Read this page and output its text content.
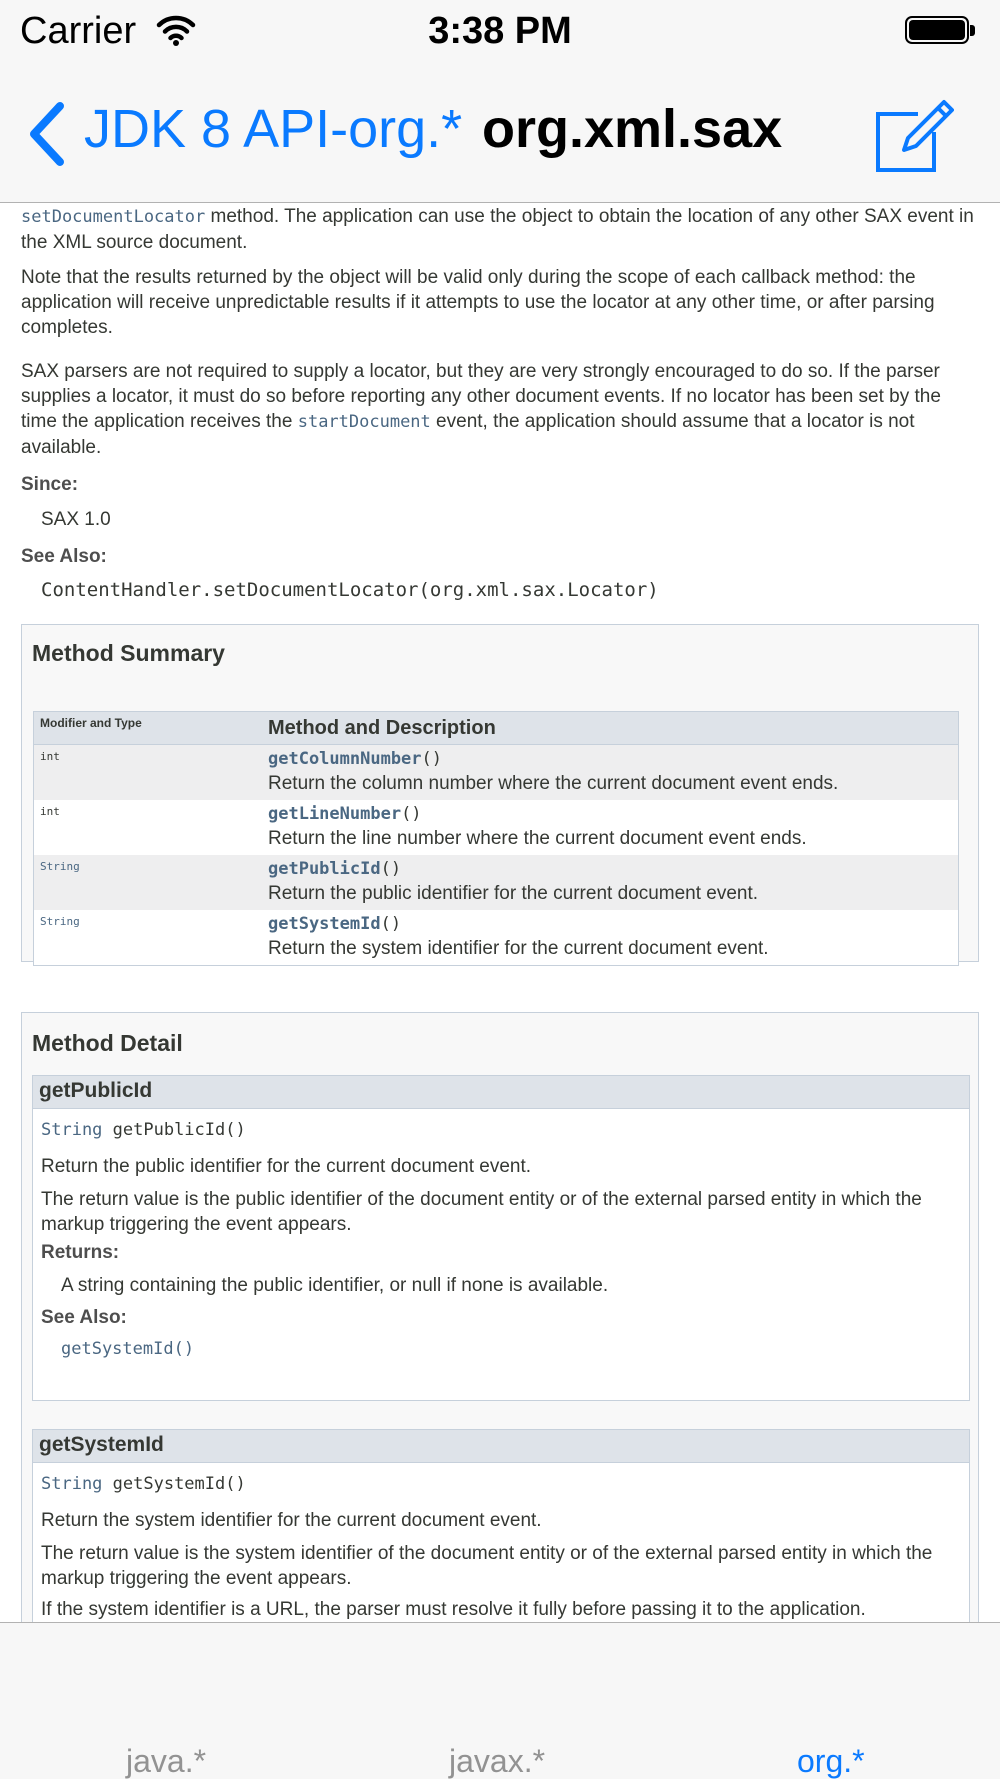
Carrier	3:38 PM
JDK 8 API-org.* org.xml.sax
setDocumentLocator method. The application can use the object to obtain the location of any other SAX event in the XML source document.
Note that the results returned by the object will be valid only during the scope of each callback method: the application will receive unpredictable results if it attempts to use the locator at any other time, or after parsing completes.
SAX parsers are not required to supply a locator, but they are very strongly encouraged to do so. If the parser supplies a locator, it must do so before reporting any other document events. If no locator has been set by the time the application receives the startDocument event, the application should assume that a locator is not available.
Since:
SAX 1.0
See Also:
ContentHandler.setDocumentLocator(org.xml.sax.Locator)
Method Summary
Modifier and Type	Method and Description
int	getColumnNumber()
Return the column number where the current document event ends.
int	getLineNumber()
Return the line number where the current document event ends.
String	getPublicId()
Return the public identifier for the current document event.
String	getSystemId()
Return the system identifier for the current document event.
Method Detail
getPublicId
String getPublicId()
Return the public identifier for the current document event.
The return value is the public identifier of the document entity or of the external parsed entity in which the markup triggering the event appears.
Returns:
A string containing the public identifier, or null if none is available.
See Also:
getSystemId()
getSystemId
String getSystemId()
Return the system identifier for the current document event.
The return value is the system identifier of the document entity or of the external parsed entity in which the markup triggering the event appears.
If the system identifier is a URL, the parser must resolve it fully before passing it to the application.
java.*	javax.*	org.*
